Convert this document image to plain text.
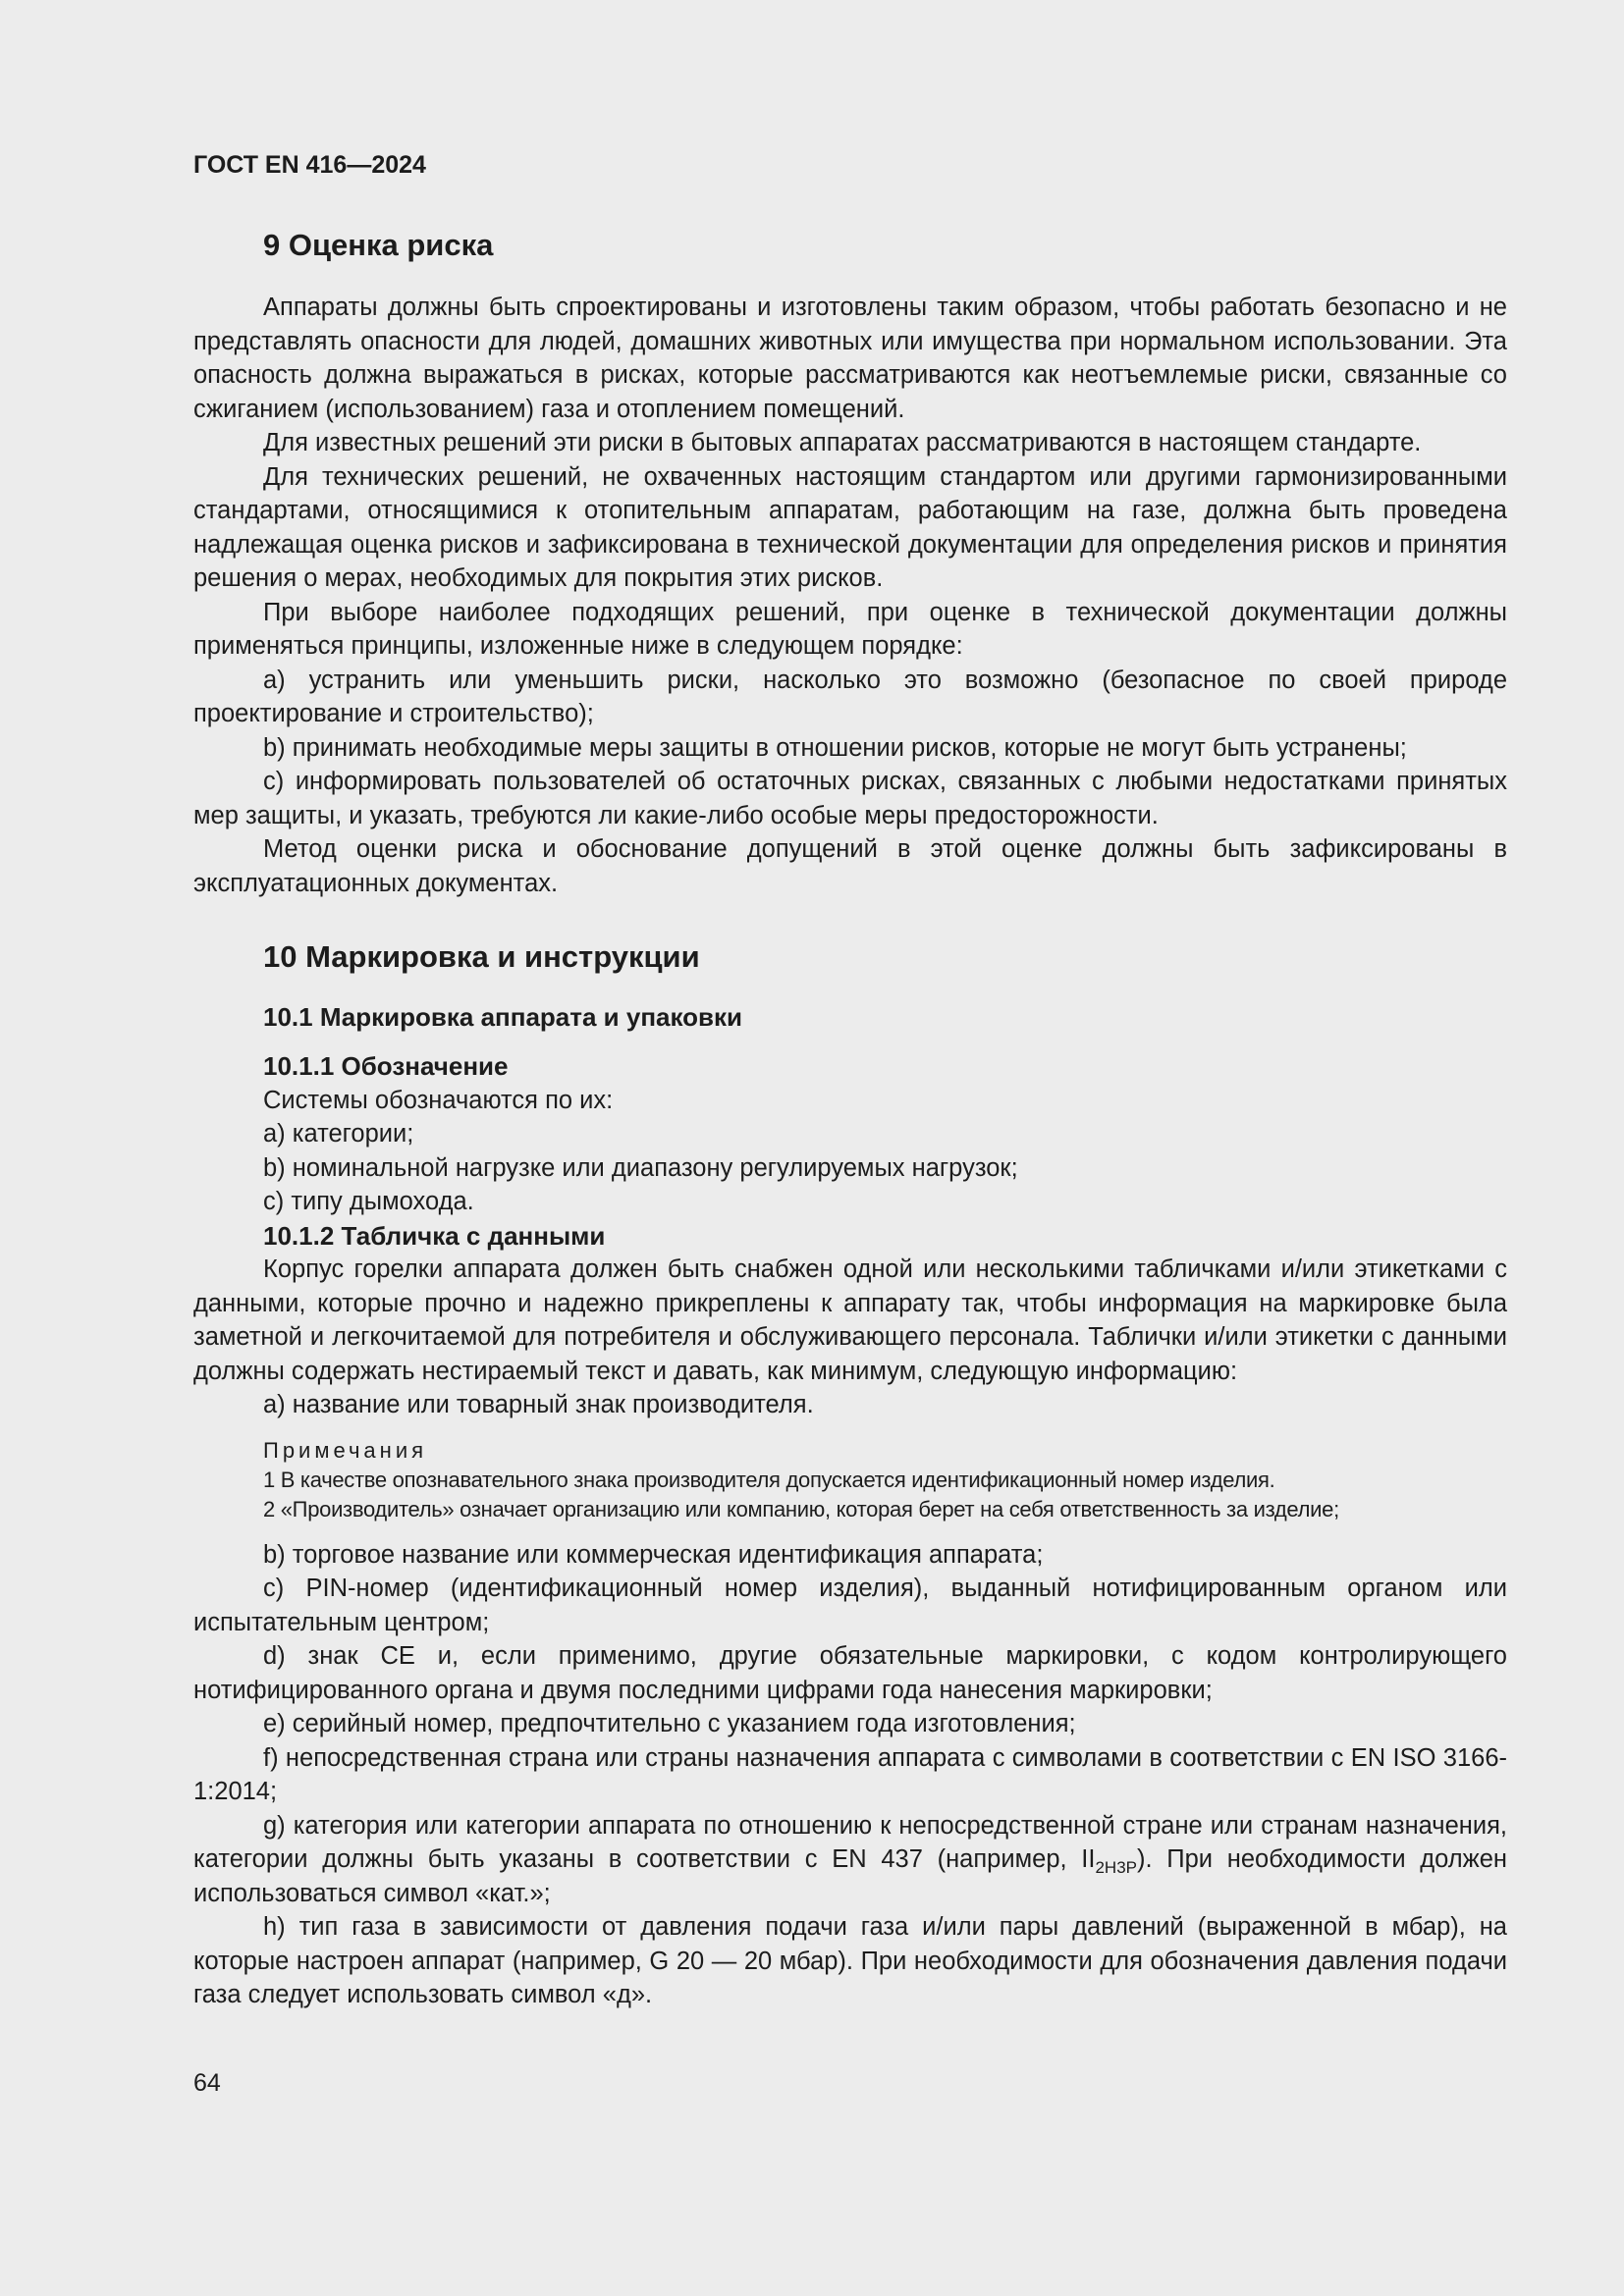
ГОСТ EN 416—2024
9 Оценка риска

Аппараты должны быть спроектированы и изготовлены таким образом, чтобы работать безопасно и не представлять опасности для людей, домашних животных или имущества при нормальном использовании. Эта опасность должна выражаться в рисках, которые рассматриваются как неотъемлемые риски, связанные со сжиганием (использованием) газа и отоплением помещений.

Для известных решений эти риски в бытовых аппаратах рассматриваются в настоящем стандарте.

Для технических решений, не охваченных настоящим стандартом или другими гармонизированными стандартами, относящимися к отопительным аппаратам, работающим на газе, должна быть проведена надлежащая оценка рисков и зафиксирована в технической документации для определения рисков и принятия решения о мерах, необходимых для покрытия этих рисков.

При выборе наиболее подходящих решений, при оценке в технической документации должны применяться принципы, изложенные ниже в следующем порядке:

a) устранить или уменьшить риски, насколько это возможно (безопасное по своей природе проектирование и строительство);

b) принимать необходимые меры защиты в отношении рисков, которые не могут быть устранены;

c) информировать пользователей об остаточных рисках, связанных с любыми недостатками принятых мер защиты, и указать, требуются ли какие-либо особые меры предосторожности.

Метод оценки риска и обоснование допущений в этой оценке должны быть зафиксированы в эксплуатационных документах.

10 Маркировка и инструкции
10.1 Маркировка аппарата и упаковки
10.1.1 Обозначение

Системы обозначаются по их:

a) категории;

b) номинальной нагрузке или диапазону регулируемых нагрузок;

c) типу дымохода.

10.1.2 Табличка с данными

Корпус горелки аппарата должен быть снабжен одной или несколькими табличками и/или этикетками с данными, которые прочно и надежно прикреплены к аппарату так, чтобы информация на маркировке была заметной и легкочитаемой для потребителя и обслуживающего персонала. Таблички и/или этикетки с данными должны содержать нестираемый текст и давать, как минимум, следующую информацию:

a) название или товарный знак производителя.

Примечания
1 В качестве опознавательного знака производителя допускается идентификационный номер изделия.
2 «Производитель» означает организацию или компанию, которая берет на себя ответственность за изделие;

b) торговое название или коммерческая идентификация аппарата;

c) PIN-номер (идентификационный номер изделия), выданный нотифицированным органом или испытательным центром;

d) знак CE и, если применимо, другие обязательные маркировки, с кодом контролирующего нотифицированного органа и двумя последними цифрами года нанесения маркировки;

e) серийный номер, предпочтительно с указанием года изготовления;

f) непосредственная страна или страны назначения аппарата с символами в соответствии с EN ISO 3166-1:2014;

g) категория или категории аппарата по отношению к непосредственной стране или странам назначения, категории должны быть указаны в соответствии с EN 437 (например, $II_{2H3P}$). При необходимости должен использоваться символ «кат.»;

h) тип газа в зависимости от давления подачи газа и/или пары давлений (выраженной в мбар), на которые настроен аппарат (например, G 20 — 20 мбар). При необходимости для обозначения давления подачи газа следует использовать символ «д».

64
